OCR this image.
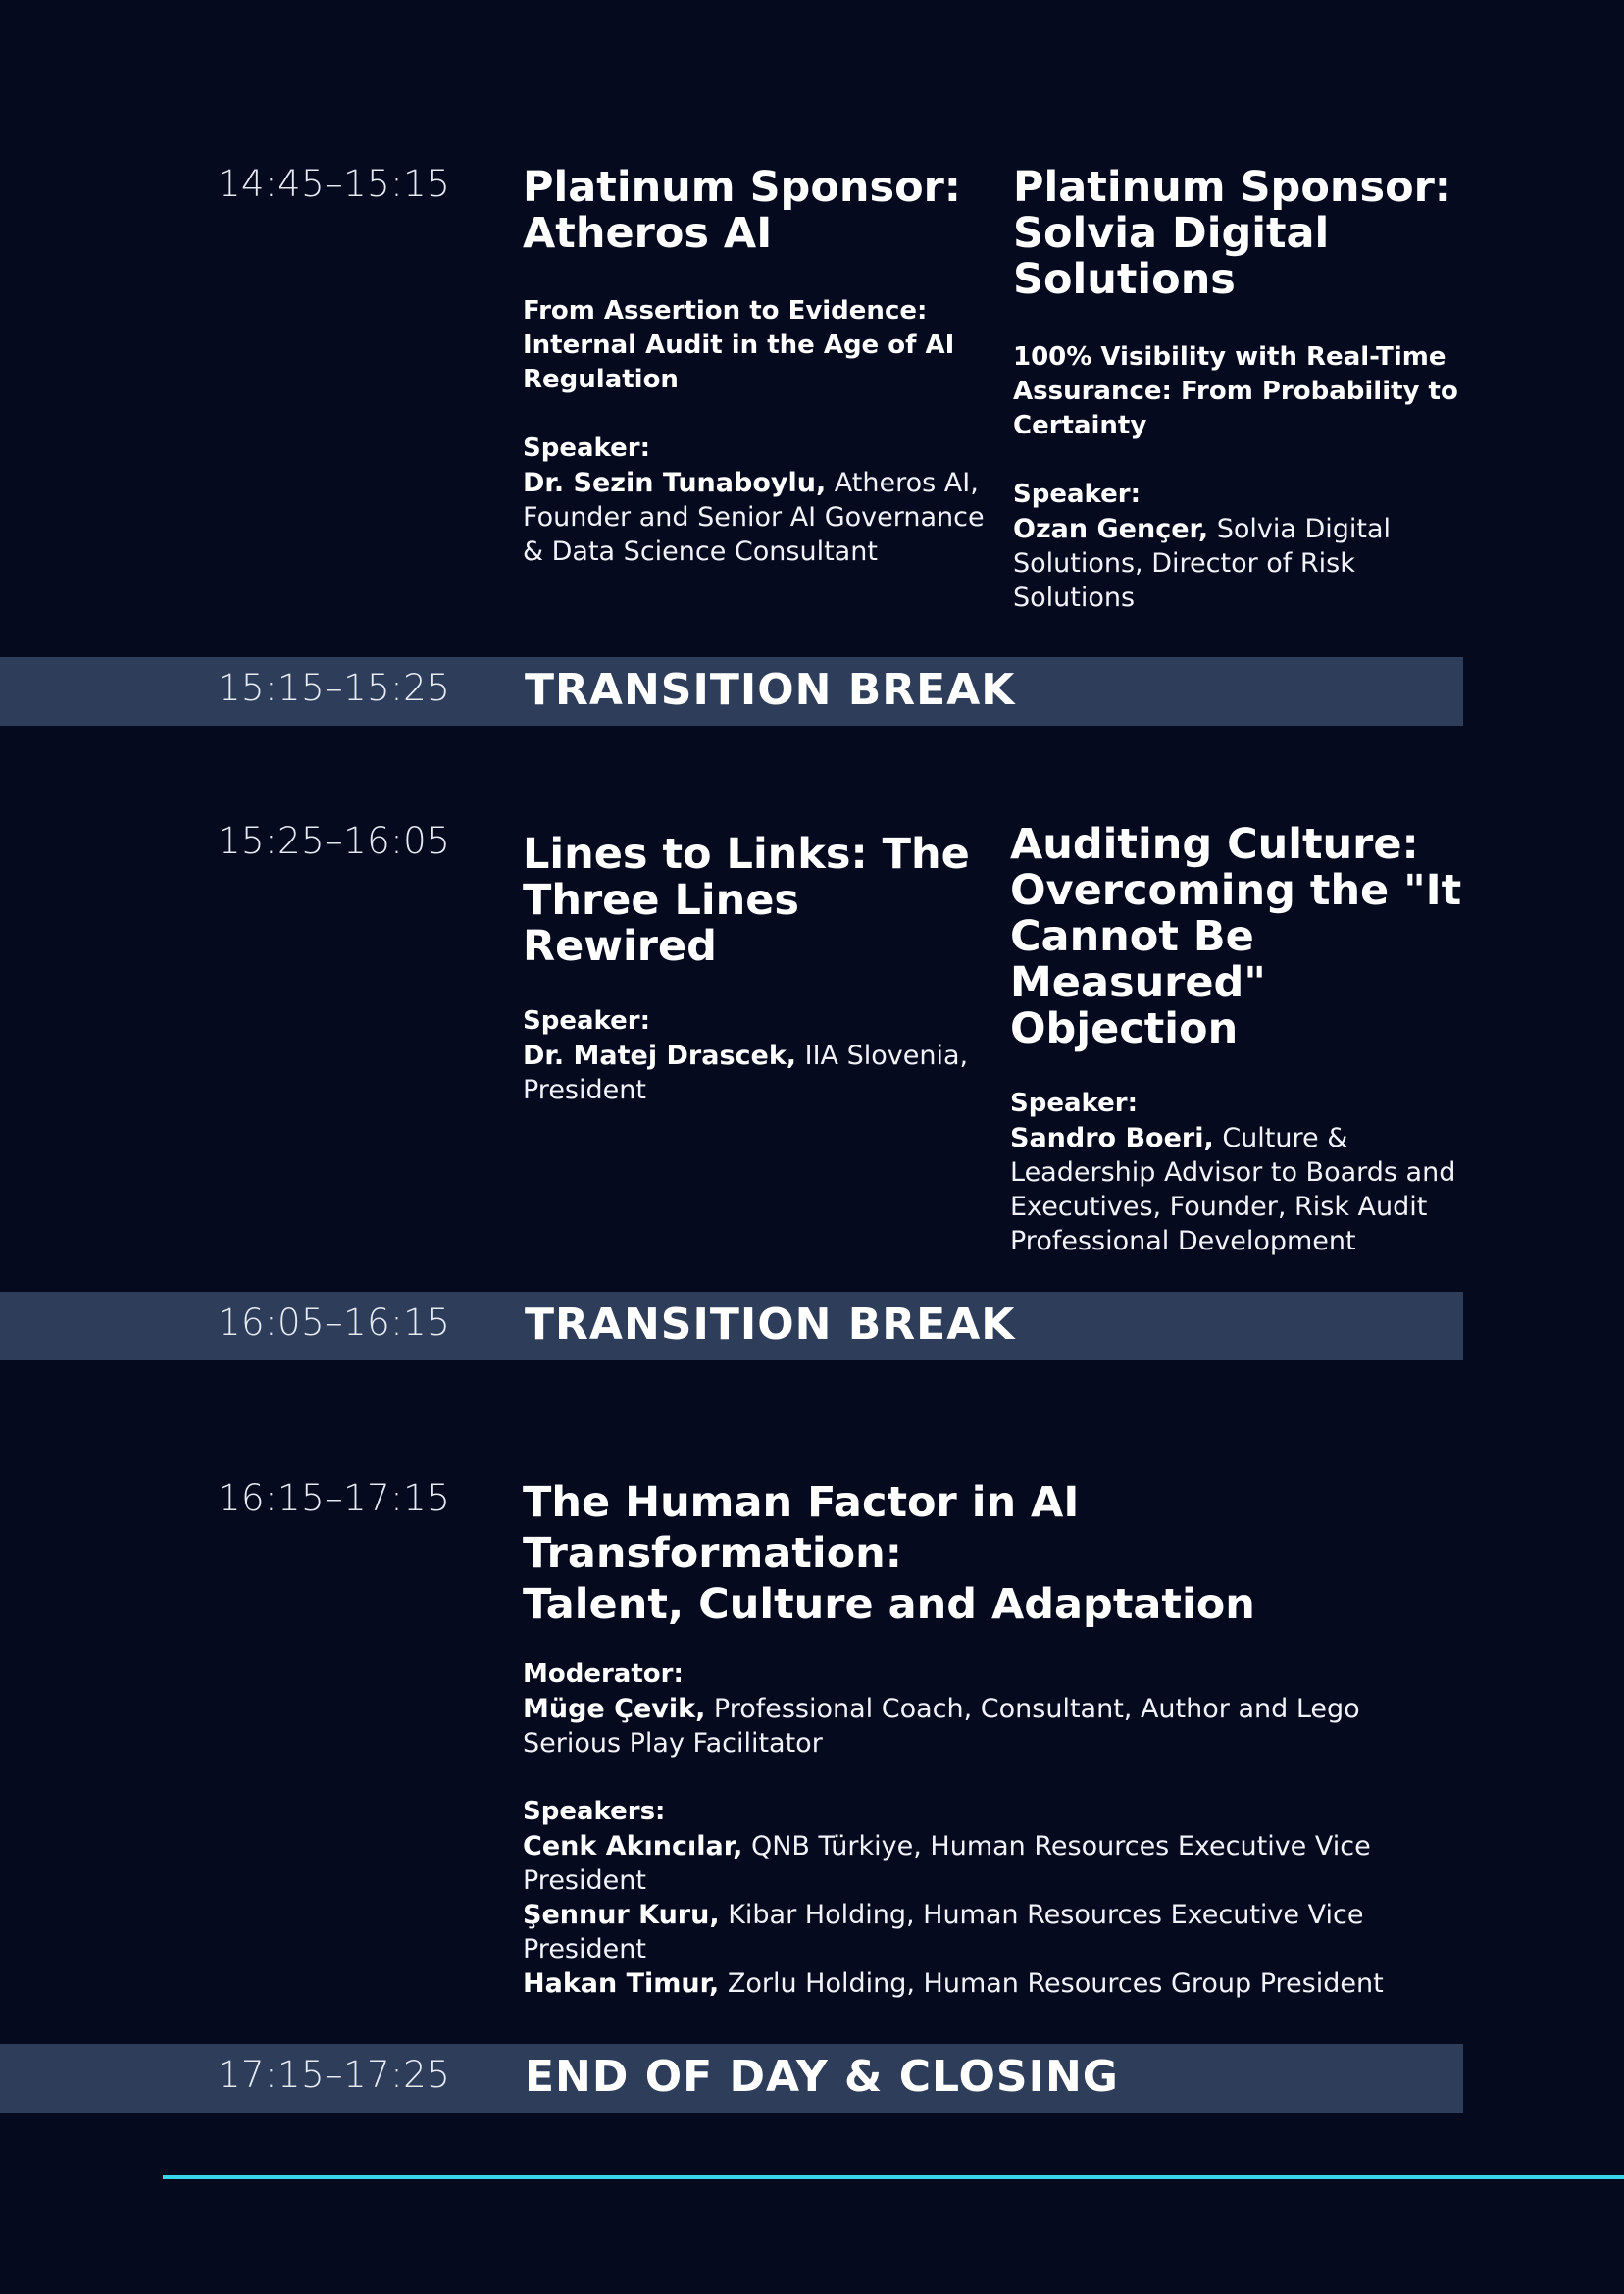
14:45–15:15 Platinum Sponsor: Atheros AI
From Assertion to Evidence: Internal Audit in the Age of AI Regulation
Speaker:
Dr. Sezin Tunaboylu, Atheros AI, Founder and Senior AI Governance & Data Science Consultant
Platinum Sponsor: Solvia Digital Solutions
100% Visibility with Real-Time Assurance: From Probability to Certainty
Speaker:
Ozan Gençer, Solvia Digital Solutions, Director of Risk Solutions
15:15–15:25 TRANSITION BREAK
15:25–16:05 Lines to Links: The Three Lines Rewired
Speaker:
Dr. Matej Drascek, IIA Slovenia, President
Auditing Culture: Overcoming the "It Cannot Be Measured" Objection
Speaker:
Sandro Boeri, Culture & Leadership Advisor to Boards and Executives, Founder, Risk Audit Professional Development
16:05–16:15 TRANSITION BREAK
16:15–17:15 The Human Factor in AI Transformation:
Talent, Culture and Adaptation
Moderator:
Müge Çevik, Professional Coach, Consultant, Author and Lego Serious Play Facilitator
Speakers:
Cenk Akıncılar, QNB Türkiye, Human Resources Executive Vice President
Şennur Kuru, Kibar Holding, Human Resources Executive Vice President
Hakan Timur, Zorlu Holding, Human Resources Group President
17:15–17:25 END OF DAY & CLOSING
